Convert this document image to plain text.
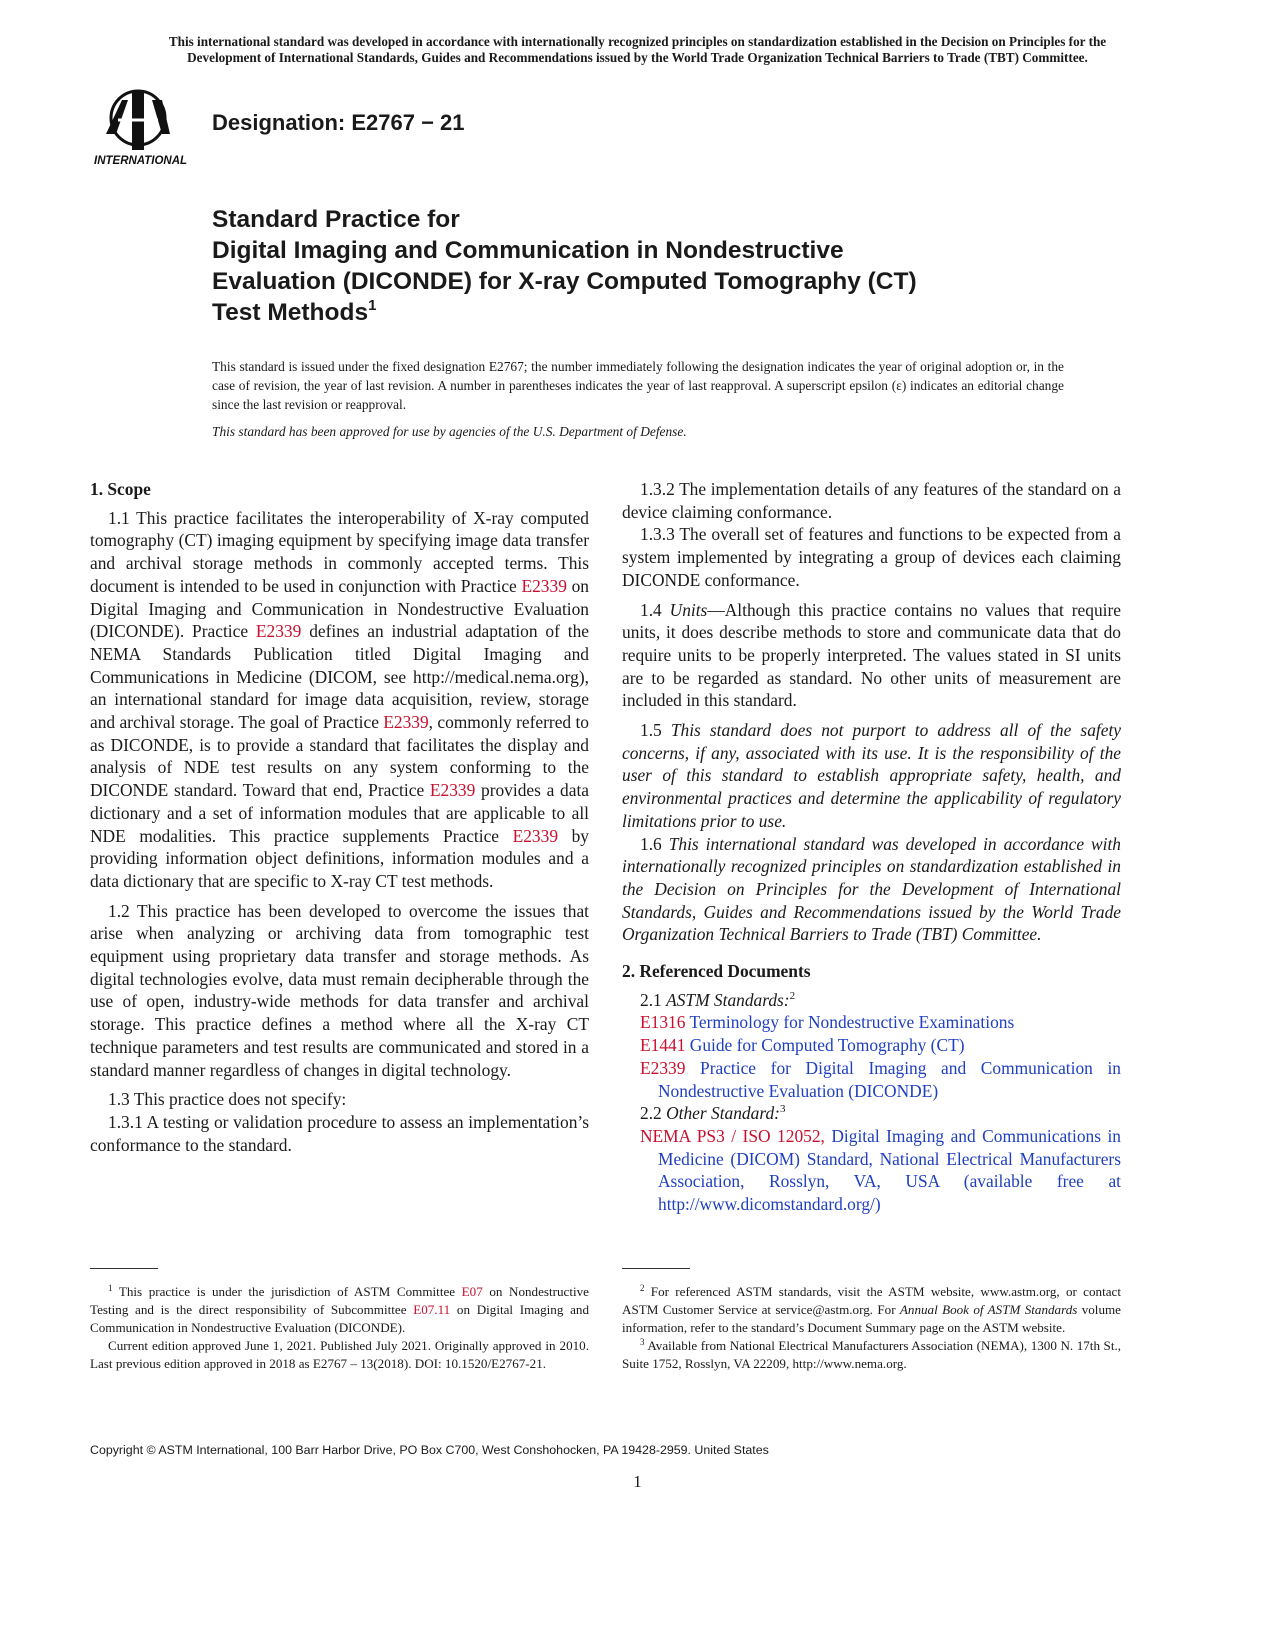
This international standard was developed in accordance with internationally recognized principles on standardization established in the Decision on Principles for the
Development of International Standards, Guides and Recommendations issued by the World Trade Organization Technical Barriers to Trade (TBT) Committee.
INTERNATIONAL
Designation: E2767 − 21
Standard Practice for
Digital Imaging and Communication in Nondestructive
Evaluation (DICONDE) for X-ray Computed Tomography (CT)
Test Methods$^1$
This standard is issued under the fixed designation E2767; the number immediately following the designation indicates the year of original adoption or, in the case of revision, the year of last revision. A number in parentheses indicates the year of last reapproval. A superscript epsilon (ε) indicates an editorial change since the last revision or reapproval.
This standard has been approved for use by agencies of the U.S. Department of Defense.
1. Scope

1.1 This practice facilitates the interoperability of X-ray computed tomography (CT) imaging equipment by specifying image data transfer and archival storage methods in commonly accepted terms. This document is intended to be used in conjunction with Practice E2339 on Digital Imaging and Communication in Nondestructive Evaluation (DICONDE). Practice E2339 defines an industrial adaptation of the NEMA Standards Publication titled Digital Imaging and Communications in Medicine (DICOM, see http://medical.nema.org), an international standard for image data acquisition, review, storage and archival storage. The goal of Practice E2339, commonly referred to as DICONDE, is to provide a standard that facilitates the display and analysis of NDE test results on any system conforming to the DICONDE standard. Toward that end, Practice E2339 provides a data dictionary and a set of information modules that are applicable to all NDE modalities. This practice supplements Practice E2339 by providing information object definitions, information modules and a data dictionary that are specific to X-ray CT test methods.

1.2 This practice has been developed to overcome the issues that arise when analyzing or archiving data from tomographic test equipment using proprietary data transfer and storage methods. As digital technologies evolve, data must remain decipherable through the use of open, industry-wide methods for data transfer and archival storage. This practice defines a method where all the X-ray CT technique parameters and test results are communicated and stored in a standard manner regardless of changes in digital technology.

1.3 This practice does not specify:

1.3.1 A testing or validation procedure to assess an implementation’s conformance to the standard.

1.3.2 The implementation details of any features of the standard on a device claiming conformance.

1.3.3 The overall set of features and functions to be expected from a system implemented by integrating a group of devices each claiming DICONDE conformance.

1.4 Units—Although this practice contains no values that require units, it does describe methods to store and communicate data that do require units to be properly interpreted. The values stated in SI units are to be regarded as standard. No other units of measurement are included in this standard.

1.5 This standard does not purport to address all of the safety concerns, if any, associated with its use. It is the responsibility of the user of this standard to establish appropriate safety, health, and environmental practices and determine the applicability of regulatory limitations prior to use.

1.6 This international standard was developed in accordance with internationally recognized principles on standardization established in the Decision on Principles for the Development of International Standards, Guides and Recommendations issued by the World Trade Organization Technical Barriers to Trade (TBT) Committee.

2. Referenced Documents

2.1 ASTM Standards:$^2$

E1316 Terminology for Nondestructive Examinations

E1441 Guide for Computed Tomography (CT)

E2339 Practice for Digital Imaging and Communication in Nondestructive Evaluation (DICONDE)

2.2 Other Standard:$^3$

NEMA PS3 / ISO 12052, Digital Imaging and Communications in Medicine (DICOM) Standard, National Electrical Manufacturers Association, Rosslyn, VA, USA (available free at http://www.dicomstandard.org/)

$^1$ This practice is under the jurisdiction of ASTM Committee E07 on Nondestructive Testing and is the direct responsibility of Subcommittee E07.11 on Digital Imaging and Communication in Nondestructive Evaluation (DICONDE).

Current edition approved June 1, 2021. Published July 2021. Originally approved in 2010. Last previous edition approved in 2018 as E2767 – 13(2018). DOI: 10.1520/E2767-21.

$^2$ For referenced ASTM standards, visit the ASTM website, www.astm.org, or contact ASTM Customer Service at service@astm.org. For Annual Book of ASTM Standards volume information, refer to the standard’s Document Summary page on the ASTM website.

$^3$ Available from National Electrical Manufacturers Association (NEMA), 1300 N. 17th St., Suite 1752, Rosslyn, VA 22209, http://www.nema.org.

Copyright © ASTM International, 100 Barr Harbor Drive, PO Box C700, West Conshohocken, PA 19428-2959. United States
1
